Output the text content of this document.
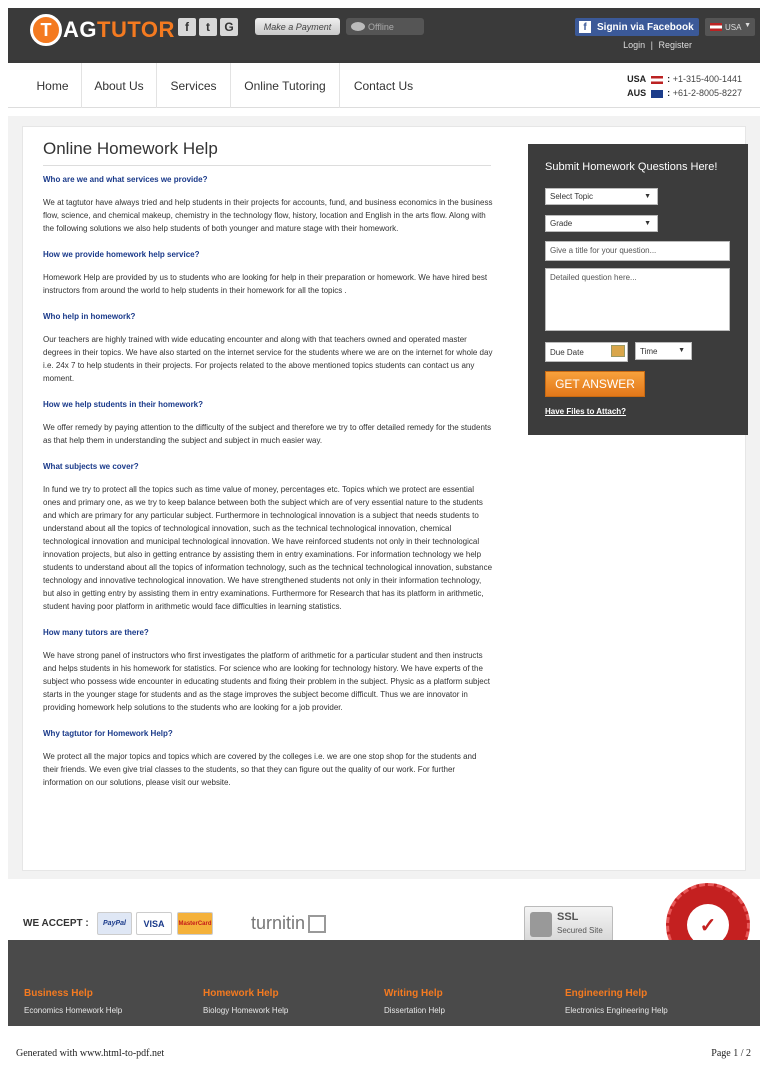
T AGTUTOR f	t	G	Make a Payment	Offline	f	Signin via Facebook	USA ▼
Login | Register
Home	About Us	Services	Online Tutoring	Contact Us	USA : +1-315-400-1441
AUS : +61-2-8005-8227
Online Homework Help
Who are we and what services we provide?
We at tagtutor have always tried and help students in their projects for accounts, fund, and business economics in the business flow, science, and chemical makeup, chemistry in the technology flow, history, location and English in the arts flow. Along with the following solutions we also help students of both younger and mature stage with their homework.
How we provide homework help service?
Homework Help are provided by us to students who are looking for help in their preparation or homework. We have hired best instructors from around the world to help students in their homework for all the topics .
Who help in homework?
Our teachers are highly trained with wide educating encounter and along with that teachers owned and operated master degrees in their topics. We have also started on the internet service for the students where we are on the internet for whole day i.e. 24x 7 to help students in their projects. For projects related to the above mentioned topics students can contact us any moment.
How we help students in their homework?
We offer remedy by paying attention to the difficulty of the subject and therefore we try to offer detailed remedy for the students as that help them in understanding the subject and subject in much easier way.
What subjects we cover?
In fund we try to protect all the topics such as time value of money, percentages etc. Topics which we protect are essential ones and primary one, as we try to keep balance between both the subject which are of very essential nature to the students and which are primary for any particular subject. Furthermore in technological innovation is a subject that needs students to understand about all the topics of technological innovation, such as the technical technological innovation, chemical technological innovation and municipal technological innovation. We have reinforced students not only in their technological innovation projects, but also in getting entrance by assisting them in entry examinations. For information technology we help students to understand about all the topics of information technology, such as the technical technological innovation, substance technology and innovative technological innovation. We have strengthened students not only in their information technology, but also in getting entry by assisting them in entry examinations. Furthermore for Research that has its platform in arithmetic, student having poor platform in arithmetic would face difficulties in learning statistics.
How many tutors are there?
We have strong panel of instructors who first investigates the platform of arithmetic for a particular student and then instructs and helps students in his homework for statistics. For science who are looking for technology history. We have experts of the subject who possess wide encounter in educating students and fixing their problem in the subject. Physic as a platform subject starts in the younger stage for students and as the stage improves the subject become difficult. Thus we are innovator in providing homework help solutions to the students who are looking for a job provider.
Why tagtutor for Homework Help?
We protect all the major topics and topics which are covered by the colleges i.e. we are one stop shop for the students and their friends. We even give trial classes to the students, so that they can figure out the quality of our work. For further information on our solutions, please visit our website.
Submit Homework Questions Here!
Select Topic	▼
Grade	▼
Give a title for your question...
Detailed question here...
Due Date	Time	▼
GET ANSWER
Have Files to Attach?
WE ACCEPT :	PayPal	VISA	MasterCard turnitin	SSL
Secured Site	✓
Business Help
Economics Homework Help
Homework Help
Biology Homework Help
Writing Help
Dissertation Help
Engineering Help
Electronics Engineering Help
Generated with www.html-to-pdf.net	Page 1 / 2
